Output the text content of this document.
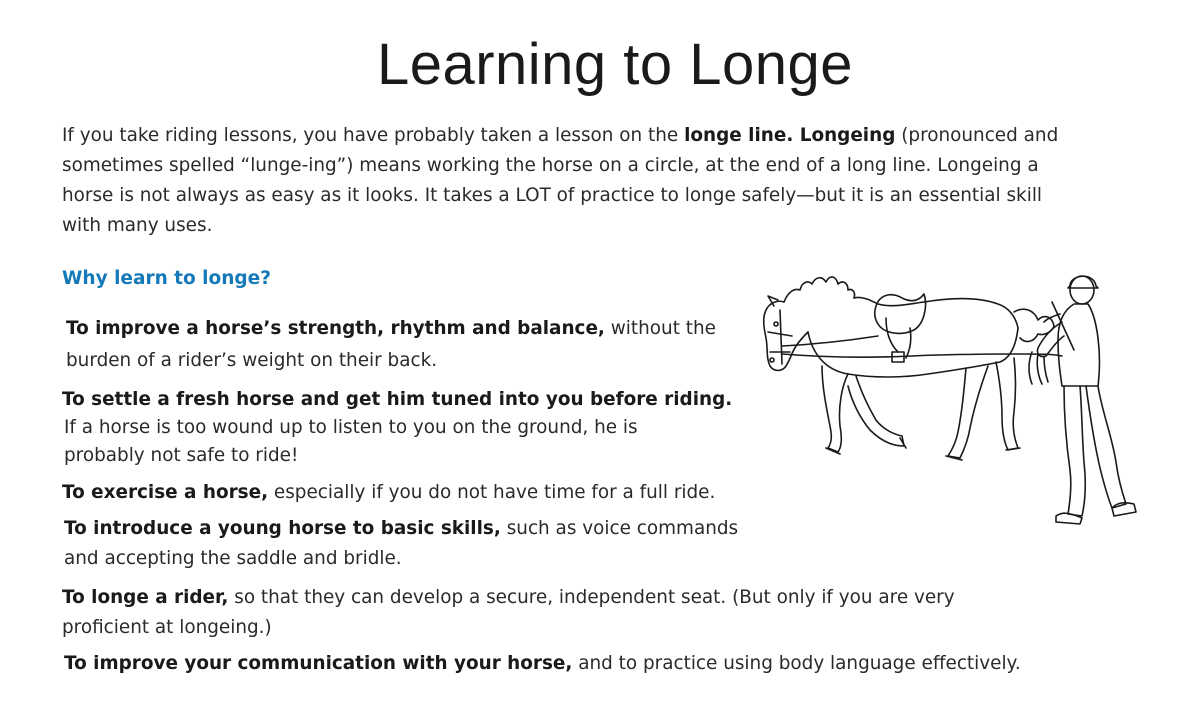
Learning to Longe

If you take riding lessons, you have probably taken a lesson on the longe line. Longeing (pronounced and sometimes spelled “lunge-ing”) means working the horse on a circle, at the end of a long line. Longeing a horse is not always as easy as it looks. It takes a LOT of practice to longe safely—but it is an essential skill with many uses.

Why learn to longe?

To improve a horse’s strength, rhythm and balance, without the burden of a rider’s weight on their back.

To settle a fresh horse and get him tuned into you before riding.
If a horse is too wound up to listen to you on the ground, he is probably not safe to ride!

To exercise a horse, especially if you do not have time for a full ride.

To introduce a young horse to basic skills, such as voice commands and accepting the saddle and bridle.

To longe a rider, so that they can develop a secure, independent seat. (But only if you are very proficient at longeing.)

To improve your communication with your horse, and to practice using body language effectively.
